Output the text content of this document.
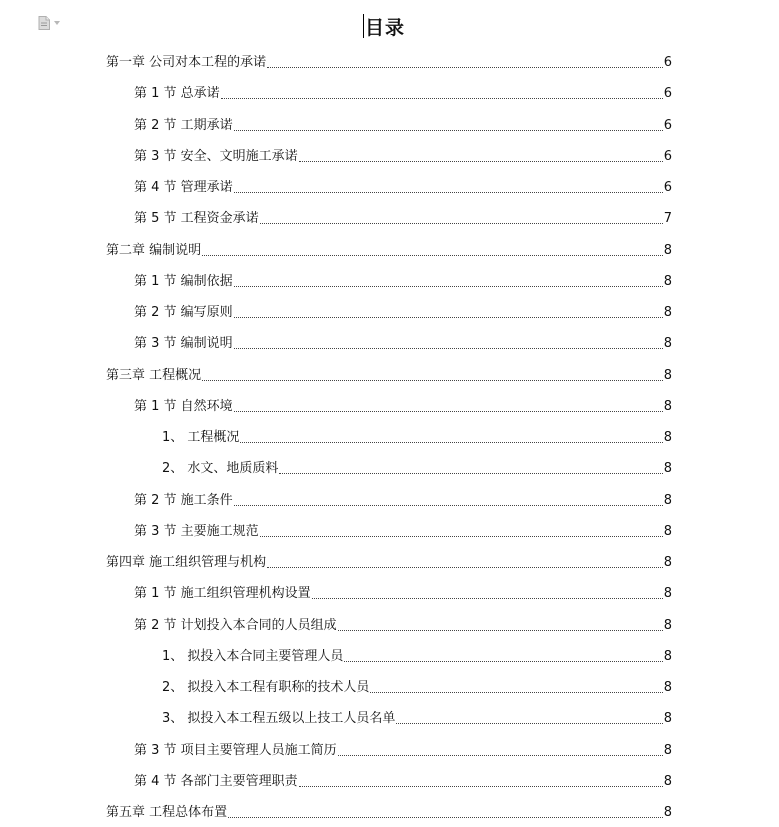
目录
第一章 公司对本工程的承诺	6
第 1 节 总承诺	6
第 2 节 工期承诺	6
第 3 节 安全、文明施工承诺	6
第 4 节 管理承诺	6
第 5 节 工程资金承诺	7
第二章 编制说明	8
第 1 节 编制依据	8
第 2 节 编写原则	8
第 3 节 编制说明	8
第三章 工程概况	8
第 1 节 自然环境	8
1、 工程概况	8
2、 水文、地质质料	8
第 2 节 施工条件	8
第 3 节 主要施工规范	8
第四章 施工组织管理与机构	8
第 1 节 施工组织管理机构设置	8
第 2 节 计划投入本合同的人员组成	8
1、 拟投入本合同主要管理人员	8
2、 拟投入本工程有职称的技术人员	8
3、 拟投入本工程五级以上技工人员名单	8
第 3 节 项目主要管理人员施工简历	8
第 4 节 各部门主要管理职责	8
第五章 工程总体布置	8
